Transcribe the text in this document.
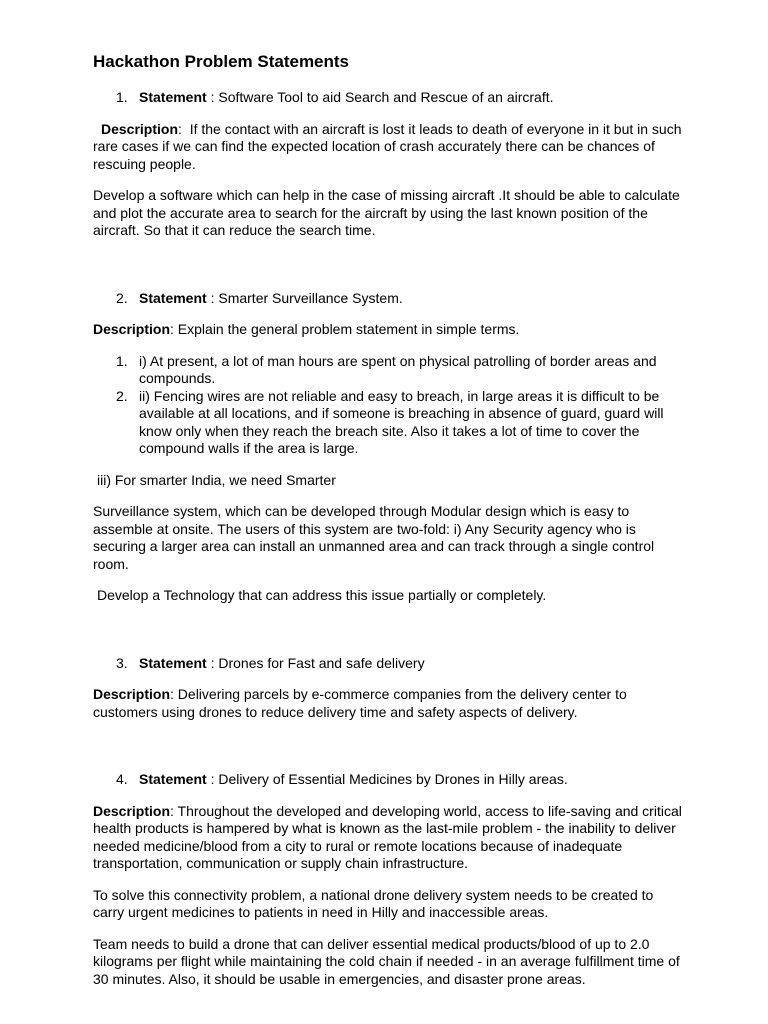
Hackathon Problem Statements
1. Statement : Software Tool to aid Search and Rescue of an aircraft.

Description:  If the contact with an aircraft is lost it leads to death of everyone in it but in such rare cases if we can find the expected location of crash accurately there can be chances of rescuing people.

Develop a software which can help in the case of missing aircraft .It should be able to calculate and plot the accurate area to search for the aircraft by using the last known position of the aircraft. So that it can reduce the search time.

2. Statement : Smarter Surveillance System.

Description: Explain the general problem statement in simple terms.

1. i) At present, a lot of man hours are spent on physical patrolling of border areas and compounds.
2. ii) Fencing wires are not reliable and easy to breach, in large areas it is difficult to be available at all locations, and if someone is breaching in absence of guard, guard will know only when they reach the breach site. Also it takes a lot of time to cover the compound walls if the area is large.

iii) For smarter India, we need Smarter

Surveillance system, which can be developed through Modular design which is easy to assemble at onsite. The users of this system are two-fold: i) Any Security agency who is securing a larger area can install an unmanned area and can track through a single control room.

Develop a Technology that can address this issue partially or completely.

3. Statement : Drones for Fast and safe delivery

Description: Delivering parcels by e-commerce companies from the delivery center to customers using drones to reduce delivery time and safety aspects of delivery.

4. Statement : Delivery of Essential Medicines by Drones in Hilly areas.

Description: Throughout the developed and developing world, access to life-saving and critical health products is hampered by what is known as the last-mile problem - the inability to deliver needed medicine/blood from a city to rural or remote locations because of inadequate transportation, communication or supply chain infrastructure.

To solve this connectivity problem, a national drone delivery system needs to be created to carry urgent medicines to patients in need in Hilly and inaccessible areas.

Team needs to build a drone that can deliver essential medical products/blood of up to 2.0 kilograms per flight while maintaining the cold chain if needed - in an average fulfillment time of 30 minutes. Also, it should be usable in emergencies, and disaster prone areas.
